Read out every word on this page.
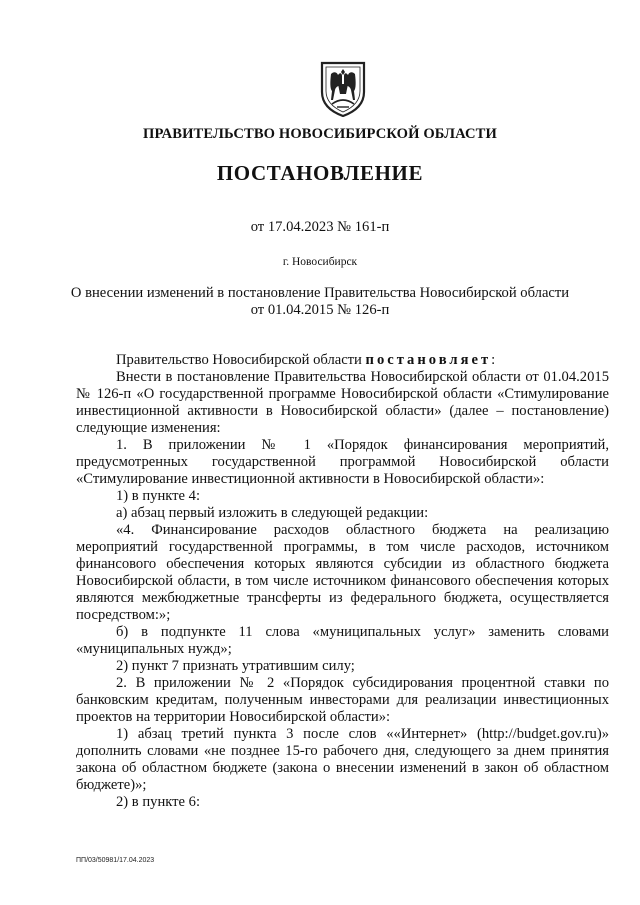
ПРАВИТЕЛЬСТВО НОВОСИБИРСКОЙ ОБЛАСТИ
ПОСТАНОВЛЕНИЕ
от 17.04.2023 № 161-п
г. Новосибирск
О внесении изменений в постановление Правительства Новосибирской области
от 01.04.2015 № 126-п

Правительство Новосибирской области постановляет:

Внести в постановление Правительства Новосибирской области от 01.04.2015 № 126-п «О государственной программе Новосибирской области «Стимулирование инвестиционной активности в Новосибирской области» (далее – постановление) следующие изменения:

1. В приложении № 1 «Порядок финансирования мероприятий, предусмотренных государственной программой Новосибирской области «Стимулирование инвестиционной активности в Новосибирской области»:

1) в пункте 4:

а) абзац первый изложить в следующей редакции:

«4. Финансирование расходов областного бюджета на реализацию мероприятий государственной программы, в том числе расходов, источником финансового обеспечения которых являются субсидии из областного бюджета Новосибирской области, в том числе источником финансового обеспечения которых являются межбюджетные трансферты из федерального бюджета, осуществляется посредством:»;

б) в подпункте 11 слова «муниципальных услуг» заменить словами «муниципальных нужд»;

2) пункт 7 признать утратившим силу;

2. В приложении № 2 «Порядок субсидирования процентной ставки по банковским кредитам, полученным инвесторами для реализации инвестиционных проектов на территории Новосибирской области»:

1) абзац третий пункта 3 после слов ««Интернет» (http://budget.gov.ru)» дополнить словами «не позднее 15-го рабочего дня, следующего за днем принятия закона об областном бюджете (закона о внесении изменений в закон об областном бюджете)»;

2) в пункте 6:

ПП/03/50981/17.04.2023
